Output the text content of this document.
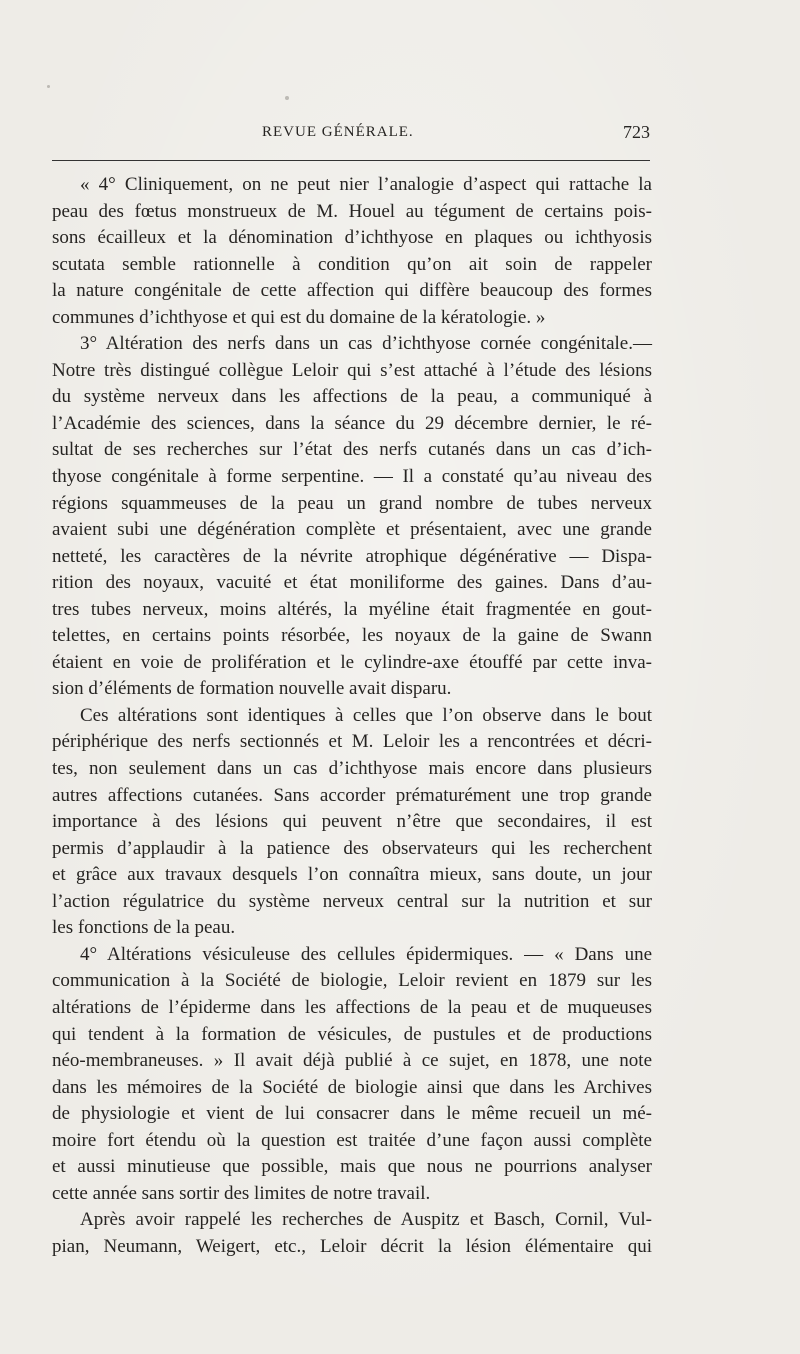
REVUE GÉNÉRALE.	723
« 4° Cliniquement, on ne peut nier l’analogie d’aspect qui rattache la
peau des fœtus monstrueux de M. Houel au tégument de certains pois-
sons écailleux et la dénomination d’ichthyose en plaques ou ichthyosis
scutata semble rationnelle à condition qu’on ait soin de rappeler
la nature congénitale de cette affection qui diffère beaucoup des formes
communes d’ichthyose et qui est du domaine de la kératologie. »
3° Altération des nerfs dans un cas d’ichthyose cornée congénitale.—
Notre très distingué collègue Leloir qui s’est attaché à l’étude des lésions
du système nerveux dans les affections de la peau, a communiqué à
l’Académie des sciences, dans la séance du 29 décembre dernier, le ré-
sultat de ses recherches sur l’état des nerfs cutanés dans un cas d’ich-
thyose congénitale à forme serpentine. — Il a constaté qu’au niveau des
régions squammeuses de la peau un grand nombre de tubes nerveux
avaient subi une dégénération complète et présentaient, avec une grande
netteté, les caractères de la névrite atrophique dégénérative — Dispa-
rition des noyaux, vacuité et état moniliforme des gaines. Dans d’au-
tres tubes nerveux, moins altérés, la myéline était fragmentée en gout-
telettes, en certains points résorbée, les noyaux de la gaine de Swann
étaient en voie de prolifération et le cylindre-axe étouffé par cette inva-
sion d’éléments de formation nouvelle avait disparu.
Ces altérations sont identiques à celles que l’on observe dans le bout
périphérique des nerfs sectionnés et M. Leloir les a rencontrées et décri-
tes, non seulement dans un cas d’ichthyose mais encore dans plusieurs
autres affections cutanées. Sans accorder prématurément une trop grande
importance à des lésions qui peuvent n’être que secondaires, il est
permis d’applaudir à la patience des observateurs qui les recherchent
et grâce aux travaux desquels l’on connaîtra mieux, sans doute, un jour
l’action régulatrice du système nerveux central sur la nutrition et sur
les fonctions de la peau.
4° Altérations vésiculeuse des cellules épidermiques. — « Dans une
communication à la Société de biologie, Leloir revient en 1879 sur les
altérations de l’épiderme dans les affections de la peau et de muqueuses
qui tendent à la formation de vésicules, de pustules et de productions
néo-membraneuses. » Il avait déjà publié à ce sujet, en 1878, une note
dans les mémoires de la Société de biologie ainsi que dans les Archives
de physiologie et vient de lui consacrer dans le même recueil un mé-
moire fort étendu où la question est traitée d’une façon aussi complète
et aussi minutieuse que possible, mais que nous ne pourrions analyser
cette année sans sortir des limites de notre travail.
Après avoir rappelé les recherches de Auspitz et Basch, Cornil, Vul-
pian, Neumann, Weigert, etc., Leloir décrit la lésion élémentaire qui
